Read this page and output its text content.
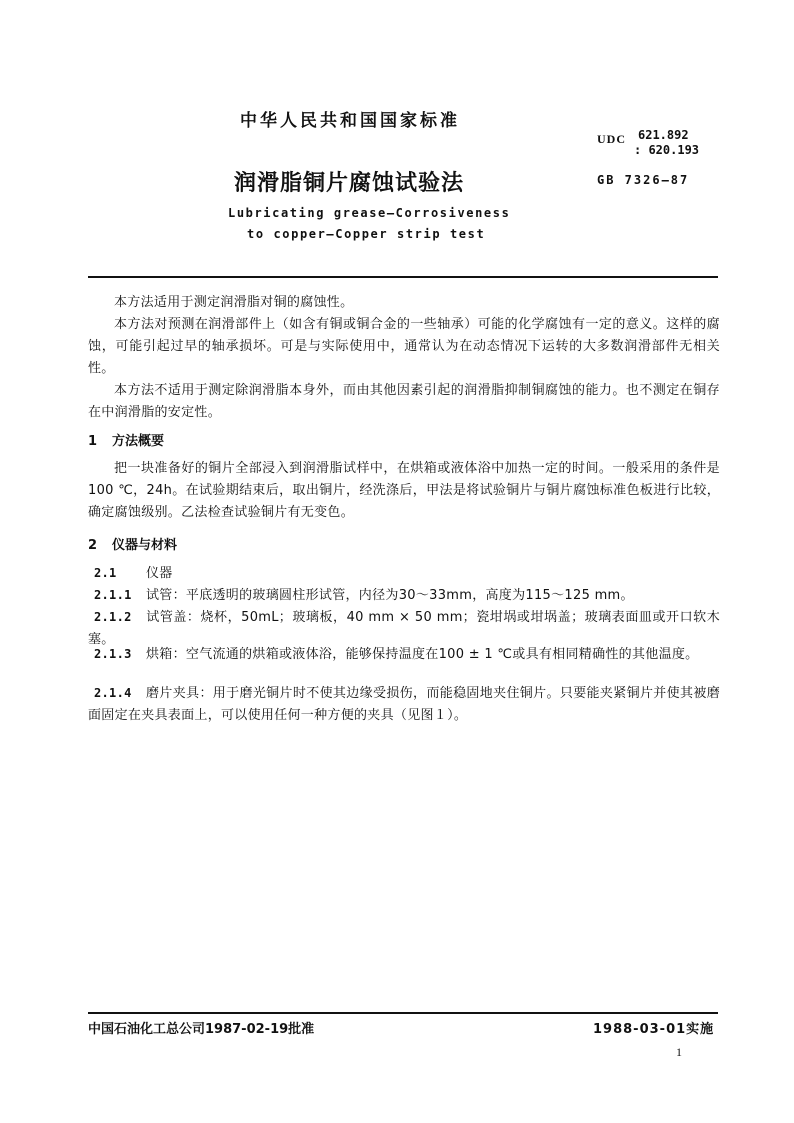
中华人民共和国国家标准
UDC 621.892
: 620.193
润滑脂铜片腐蚀试验法	GB 7326—87
Lubricating grease—Corrosiveness
to copper—Copper strip test
本方法适用于测定润滑脂对铜的腐蚀性。
本方法对预测在润滑部件上（如含有铜或铜合金的一些轴承）可能的化学腐蚀有一定的意义。这样的腐蚀，可能引起过早的轴承损坏。可是与实际使用中，通常认为在动态情况下运转的大多数润滑部件无相关性。
本方法不适用于测定除润滑脂本身外，而由其他因素引起的润滑脂抑制铜腐蚀的能力。也不测定在铜存在中润滑脂的安定性。
1 方法概要
把一块准备好的铜片全部浸入到润滑脂试样中，在烘箱或液体浴中加热一定的时间。一般采用的条件是100 ℃，24h。在试验期结束后，取出铜片，经洗涤后，甲法是将试验铜片与铜片腐蚀标准色板进行比较，确定腐蚀级别。乙法检查试验铜片有无变色。
2 仪器与材料
2.1 仪器
2.1.1 试管：平底透明的玻璃圆柱形试管，内径为30～33mm，高度为115～125 mm。
2.1.2 试管盖：烧杯，50mL；玻璃板，40 mm × 50 mm；瓷坩埚或坩埚盖；玻璃表面皿或开口软木塞。
2.1.3 烘箱：空气流通的烘箱或液体浴，能够保持温度在100 ± 1 ℃或具有相同精确性的其他温度。
2.1.4 磨片夹具：用于磨光铜片时不使其边缘受损伤，而能稳固地夹住铜片。只要能夹紧铜片并使其被磨面固定在夹具表面上，可以使用任何一种方便的夹具（见图１）。
中国石油化工总公司1987-02-19批准	1988-03-01实施
1
